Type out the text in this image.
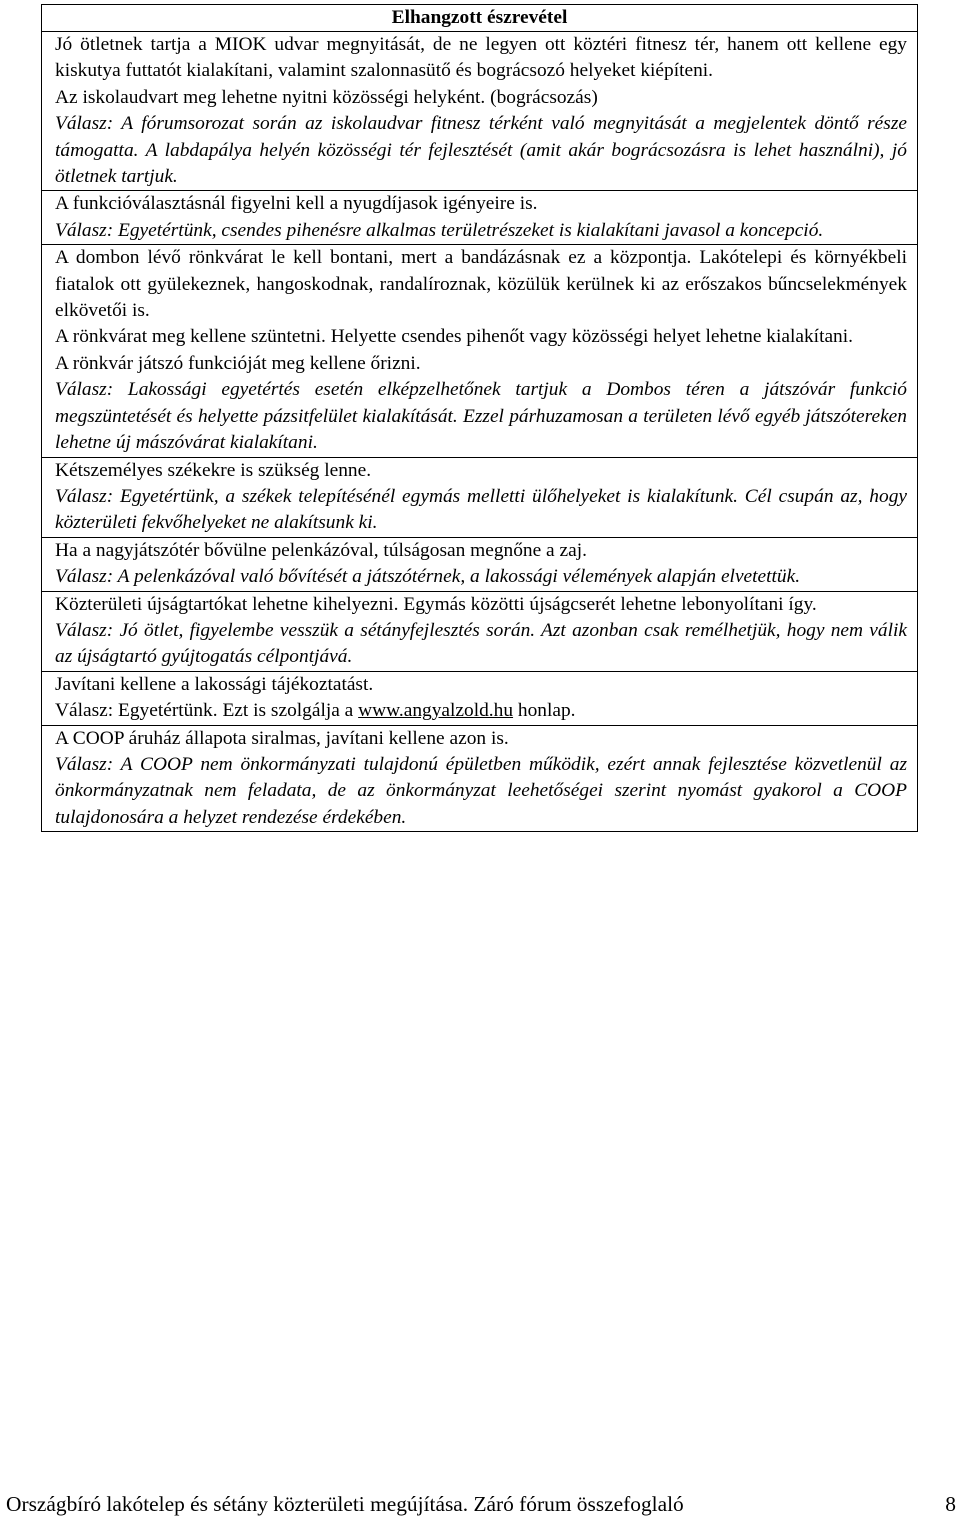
Elhangzott észrevétel

Jó ötletnek tartja a MIOK udvar megnyitását, de ne legyen ott köztéri fitnesz tér, hanem ott kellene egy kiskutya futtatót kialakítani, valamint szalonnasütő és bográcsozó helyeket kiépíteni.

Az iskolaudvart meg lehetne nyitni közösségi helyként. (bográcsozás)

Válasz: A fórumsorozat során az iskolaudvar fitnesz térként való megnyitását a megjelentek döntő része támogatta. A labdapálya helyén közösségi tér fejlesztését (amit akár bográcsozásra is lehet használni), jó ötletnek tartjuk.

A funkcióválasztásnál figyelni kell a nyugdíjasok igényeire is.

Válasz: Egyetértünk, csendes pihenésre alkalmas területrészeket is kialakítani javasol a koncepció.

A dombon lévő rönkvárat le kell bontani, mert a bandázásnak ez a központja. Lakótelepi és környékbeli fiatalok ott gyülekeznek, hangoskodnak, randalíroznak, közülük kerülnek ki az erőszakos bűncselekmények elkövetői is.

A rönkvárat meg kellene szüntetni. Helyette csendes pihenőt vagy közösségi helyet lehetne kialakítani.

A rönkvár játszó funkcióját meg kellene őrizni.

Válasz: Lakossági egyetértés esetén elképzelhetőnek tartjuk a Dombos téren a játszóvár funkció megszüntetését és helyette pázsitfelület kialakítását. Ezzel párhuzamosan a területen lévő egyéb játszótereken lehetne új mászóvárat kialakítani.

Kétszemélyes székekre is szükség lenne.

Válasz: Egyetértünk, a székek telepítésénél egymás melletti ülőhelyeket is kialakítunk. Cél csupán az, hogy közterületi fekvőhelyeket ne alakítsunk ki.

Ha a nagyjátszótér bővülne pelenkázóval, túlságosan megnőne a zaj.

Válasz: A pelenkázóval való bővítését a játszótérnek, a lakossági vélemények alapján elvetettük.

Közterületi újságtartókat lehetne kihelyezni. Egymás közötti újságcserét lehetne lebonyolítani így.

Válasz: Jó ötlet, figyelembe vesszük a sétányfejlesztés során. Azt azonban csak remélhetjük, hogy nem válik az újságtartó gyújtogatás célpontjává.

Javítani kellene a lakossági tájékoztatást.

Válasz: Egyetértünk. Ezt is szolgálja a www.angyalzold.hu honlap.

A COOP áruház állapota siralmas, javítani kellene azon is.

Válasz: A COOP nem önkormányzati tulajdonú épületben működik, ezért annak fejlesztése közvetlenül az önkormányzatnak nem feladata, de az önkormányzat leehetőségei szerint nyomást gyakorol a COOP tulajdonosára a helyzet rendezése érdekében.

Országbíró lakótelep és sétány közterületi megújítása. Záró fórum összefoglaló	8
